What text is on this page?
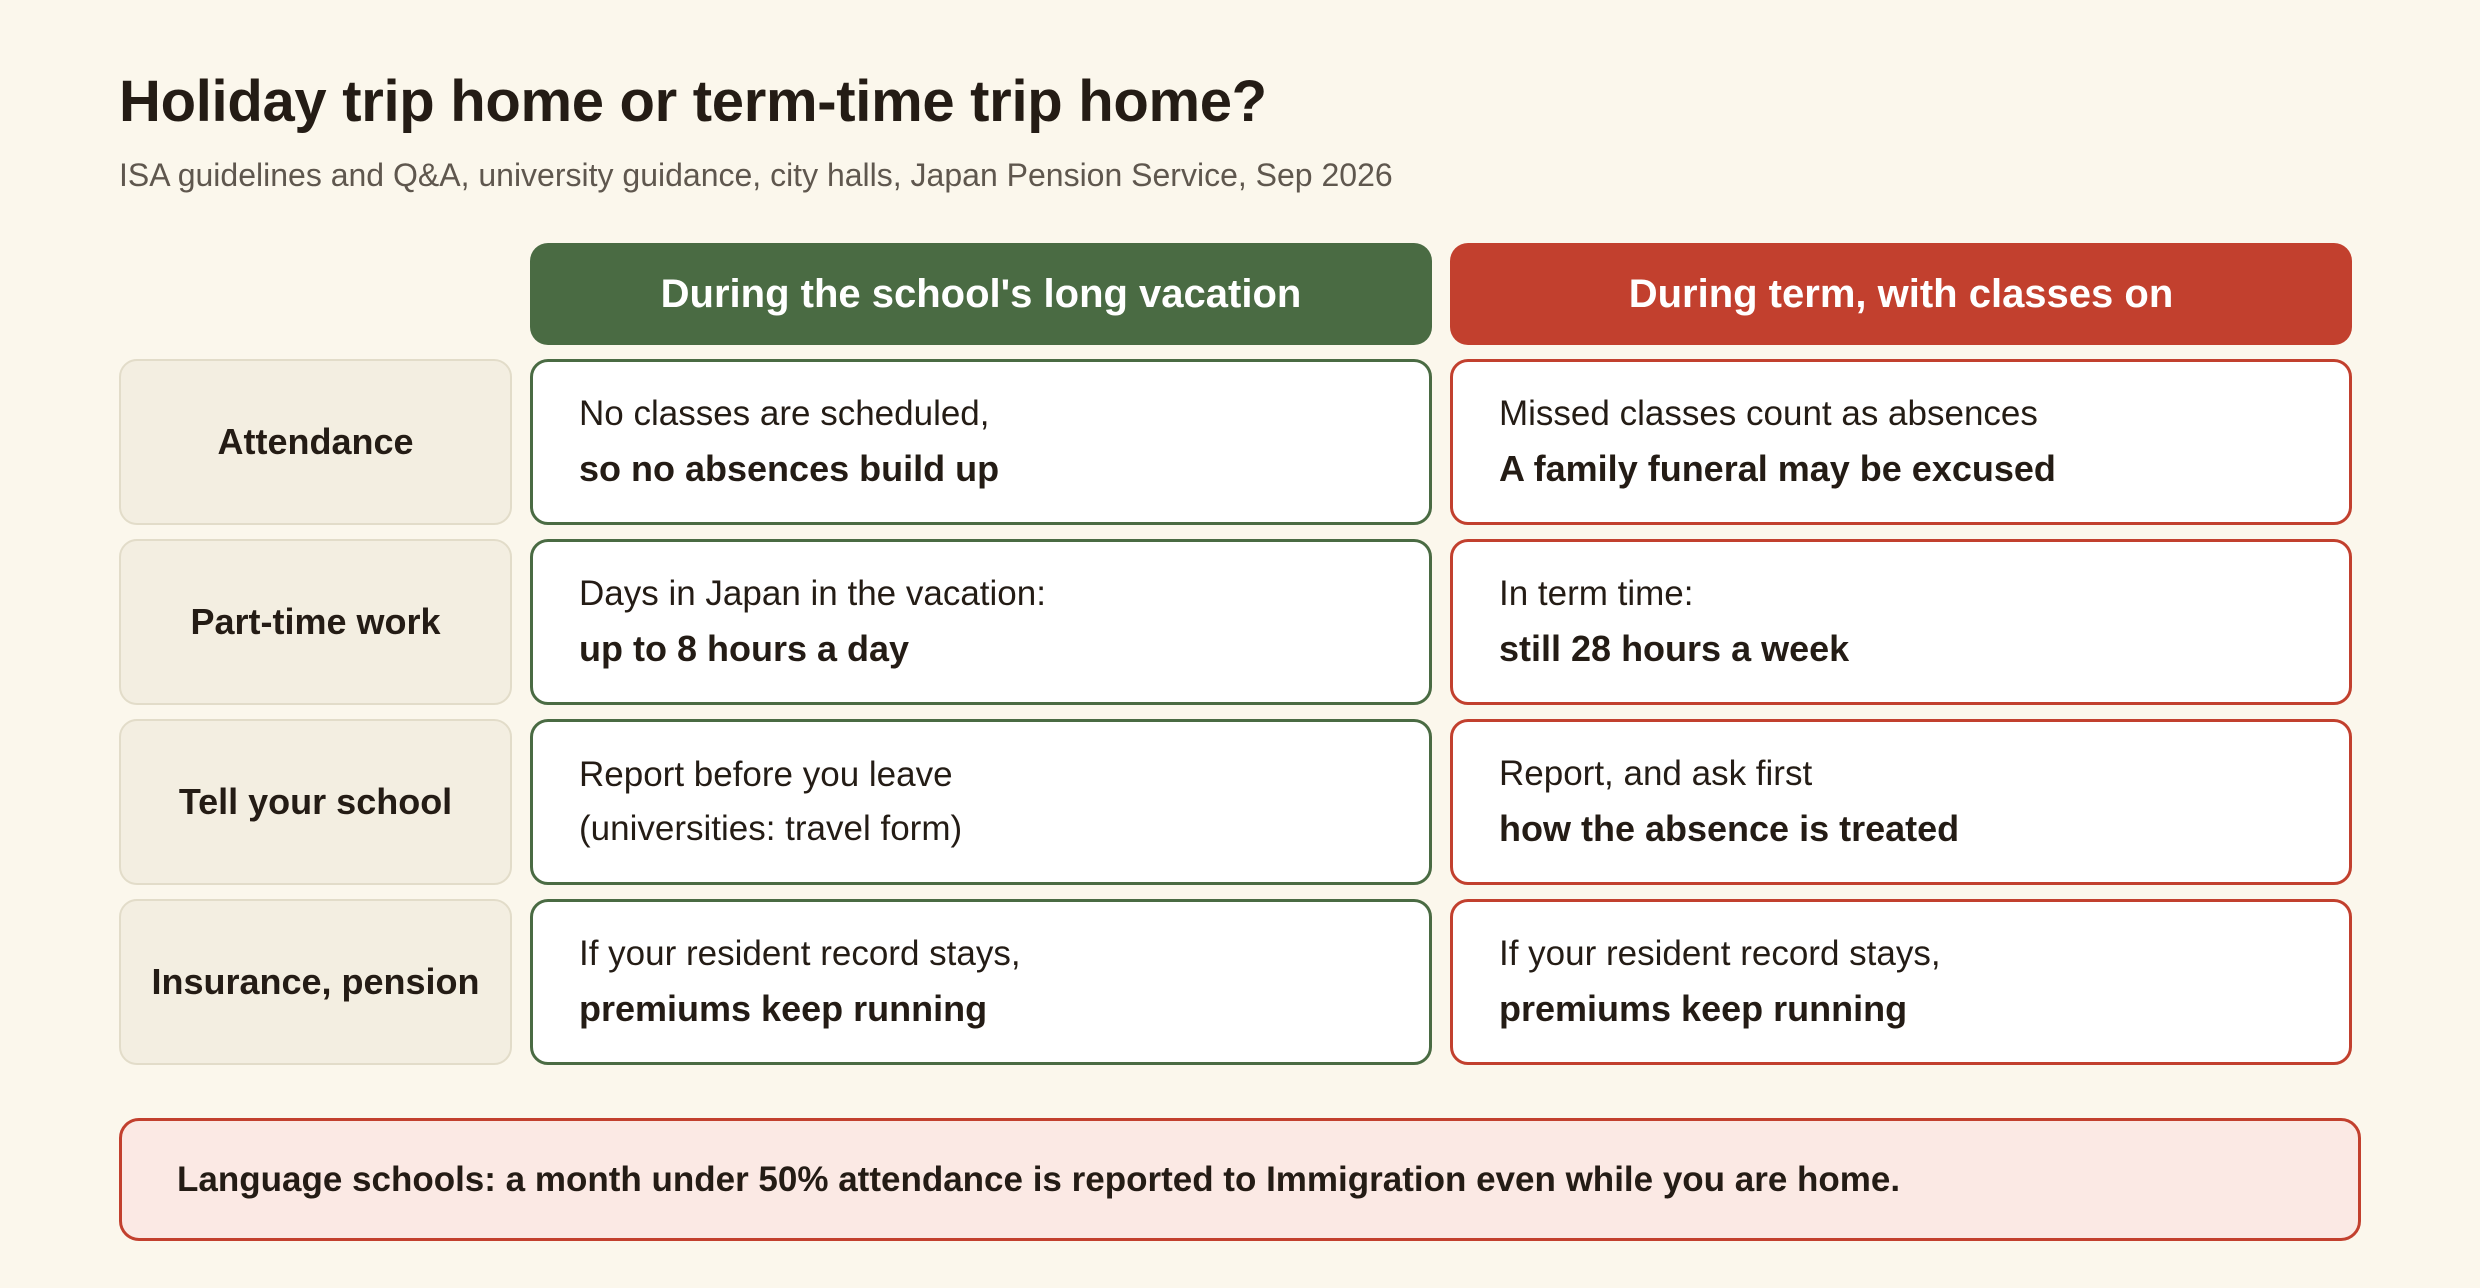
Holiday trip home or term-time trip home?
ISA guidelines and Q&A, university guidance, city halls, Japan Pension Service, Sep 2026
During the school's long vacation	During term, with classes on
Attendance
No classes are scheduled,
so no absences build up
Missed classes count as absences
A family funeral may be excused
Part-time work
Days in Japan in the vacation:
up to 8 hours a day
In term time:
still 28 hours a week
Tell your school
Report before you leave
(universities: travel form)
Report, and ask first
how the absence is treated
Insurance, pension
If your resident record stays,
premiums keep running
If your resident record stays,
premiums keep running
Language schools: a month under 50% attendance is reported to Immigration even while you are home.
